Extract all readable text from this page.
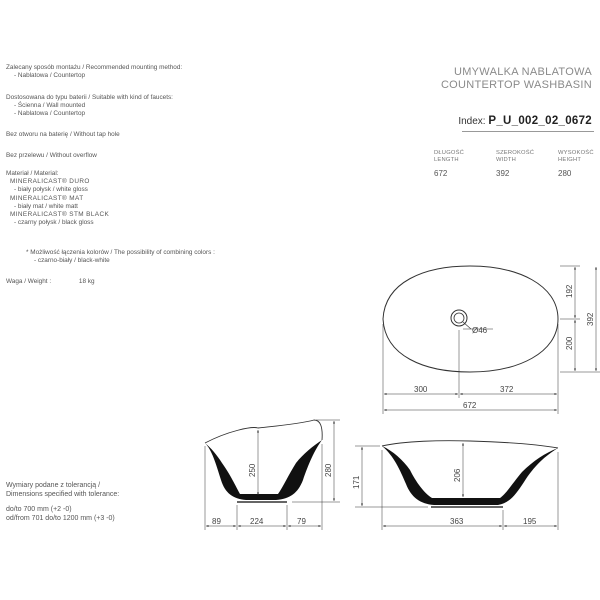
Zalecany sposób montażu / Recommended mounting method:
- Nablatowa / Countertop
Dostosowana do typu baterii / Suitable with kind of faucets:
- Ścienna / Wall mounted
- Nablatowa / Countertop
Bez otworu na baterię / Without tap hole
Bez przelewu / Without overflow
Materiał / Material:
MINERALICAST® DURO
- biały połysk / white gloss
MINERALICAST® MAT
- biały mat / white matt
MINERALICAST® STM BLACK
- czarny połysk / black gloss
* Możliwość łączenia kolorów / The possibility of combining colors :
- czarno-biały / black-white
Waga / Weight :	18 kg
Wymiary podane z tolerancją /
Dimensions specified with tolerance:
do/to 700 mm (+2 -0)
od/from 701 do/to 1200 mm (+3 -0)
UMYWALKA NABLATOWA
COUNTERTOP WASHBASIN
Index: P_U_002_02_0672
DŁUGOŚĆ
LENGTH
672
SZEROKOŚĆ
WIDTH
392
WYSOKOŚĆ
HEIGHT
280
Ø46
300	372
672
192
200
392
250	280
89	224	79
171
206
363	195
